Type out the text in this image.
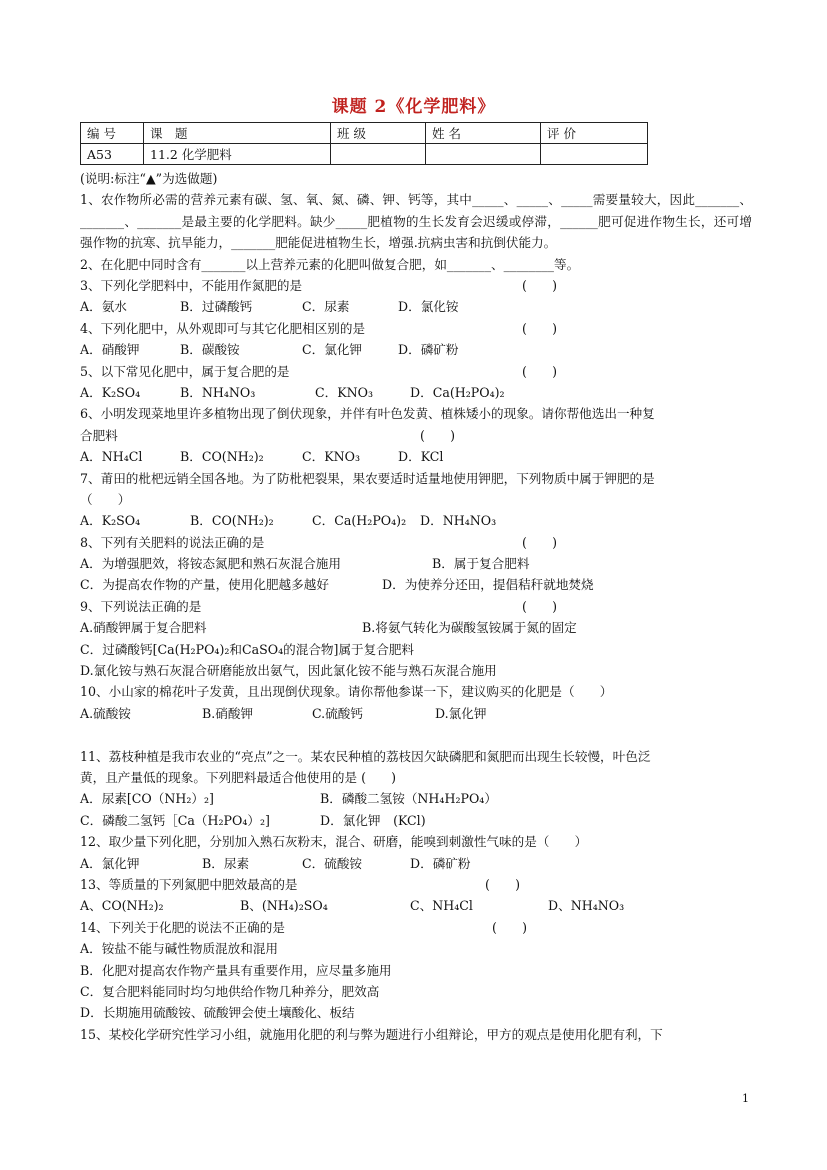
课题 2《化学肥料》
编 号	课　题	班 级	姓 名	评 价
A53	11.2 化学肥料			
(说明:标注“▲”为选做题)
1、农作物所必需的营养元素有碳、氢、氧、氮、磷、钾、钙等，其中_____、_____、_____需要量较大，因此_______、_______、_______是最主要的化学肥料。缺少_____肥植物的生长发育会迟缓或停滞，______肥可促进作物生长，还可增强作物的抗寒、抗旱能力，_______肥能促进植物生长，增强.抗病虫害和抗倒伏能力。
2、在化肥中同时含有_______以上营养元素的化肥叫做复合肥，如_______、________等。
3、下列化学肥料中，不能用作氮肥的是	(　　)
A．氨水	B．过磷酸钙	C．尿素	D．氯化铵
4、下列化肥中，从外观即可与其它化肥相区别的是	(　　)
A．硝酸钾	B．碳酸铵	C．氯化钾	D．磷矿粉
5、以下常见化肥中，属于复合肥的是	(　　)
A．K₂SO₄	B．NH₄NO₃	C．KNO₃	D．Ca(H₂PO₄)₂
6、小明发现菜地里许多植物出现了倒伏现象，并伴有叶色发黄、植株矮小的现象。请你帮他选出一种复
合肥料	(　　)
A．NH₄Cl	B．CO(NH₂)₂	C．KNO₃	D．KCl
7、莆田的枇杷远销全国各地。为了防枇杷裂果，果农要适时适量地使用钾肥，下列物质中属于钾肥的是
（　　）
A．K₂SO₄	B．CO(NH₂)₂	C．Ca(H₂PO₄)₂ D．NH₄NO₃
8、下列有关肥料的说法正确的是	(　　)
A．为增强肥效，将铵态氮肥和熟石灰混合施用	B．属于复合肥料
C．为提高农作物的产量，使用化肥越多越好	D．为使养分还田，提倡秸秆就地焚烧
9、下列说法正确的是	(　　)
A.硝酸钾属于复合肥料	B.将氨气转化为碳酸氢铵属于氮的固定
C．过磷酸钙[Ca(H₂PO₄)₂和CaSO₄的混合物]属于复合肥料
D.氯化铵与熟石灰混合研磨能放出氨气，因此氯化铵不能与熟石灰混合施用
10、小山家的棉花叶子发黄，且出现倒伏现象。请你帮他参谋一下，建议购买的化肥是（　　）
A.硫酸铵	B.硝酸钾	C.硫酸钙	D.氯化钾
11、荔枝种植是我市农业的“亮点”之一。某农民种植的荔枝因欠缺磷肥和氮肥而出现生长较慢，叶色泛
黄，且产量低的现象。下列肥料最适合他使用的是 (　　)
A．尿素[CO（NH₂）₂]	B．磷酸二氢铵（NH₄H₂PO₄）
C．磷酸二氢钙［Ca（H₂PO₄）₂]	D．氯化钾　(KCl)
12、取少量下列化肥，分别加入熟石灰粉末，混合、研磨，能嗅到刺激性气味的是（　　）
A．氯化钾	B．尿素	C．硫酸铵	D．磷矿粉
13、等质量的下列氮肥中肥效最高的是	(　　)
A、CO(NH₂)₂	B、(NH₄)₂SO₄	C、NH₄Cl	D、NH₄NO₃
14、下列关于化肥的说法不正确的是	(　　)
A．铵盐不能与碱性物质混放和混用
B．化肥对提高农作物产量具有重要作用，应尽量多施用
C．复合肥料能同时均匀地供给作物几种养分，肥效高
D．长期施用硫酸铵、硫酸钾会使土壤酸化、板结
15、某校化学研究性学习小组，就施用化肥的利与弊为题进行小组辩论，甲方的观点是使用化肥有利，下
1
